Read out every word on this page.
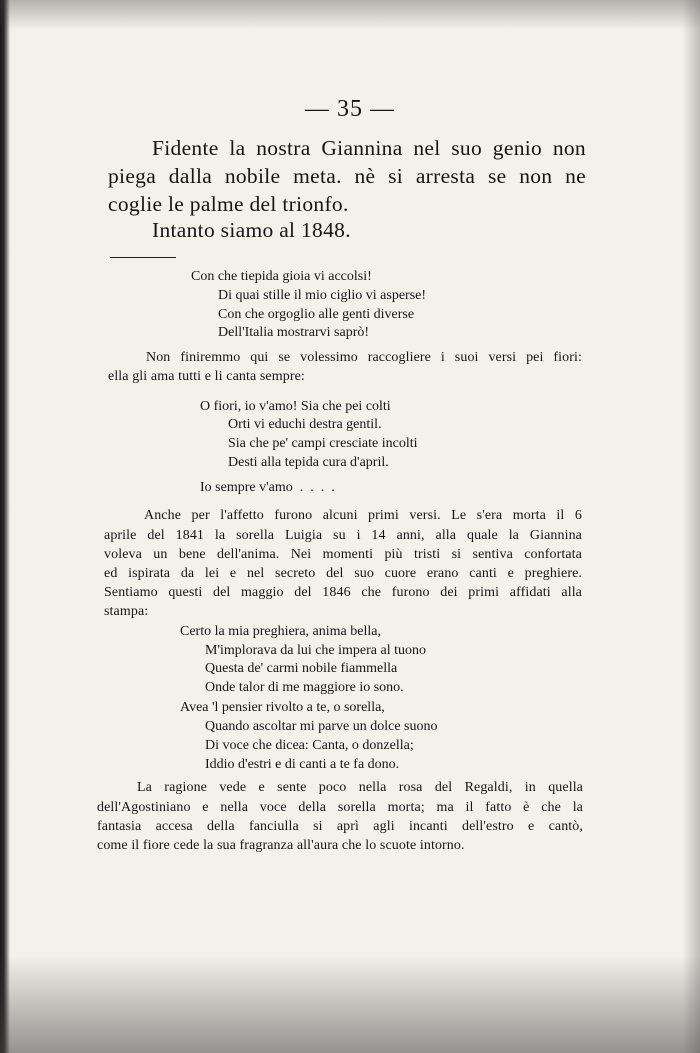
— 35 —
Fidente la nostra Giannina nel suo genio non
piega dalla nobile meta. nè si arresta se non ne
coglie le palme del trionfo.
Intanto siamo al 1848.
Con che tiepida gioia vi accolsi!
Di quai stille il mio ciglio vi asperse!
Con che orgoglio alle genti diverse
Dell'Italia mostrarvi saprò!
Non finiremmo qui se volessimo raccogliere i suoi versi pei fiori:
ella gli ama tutti e li canta sempre:
O fiori, io v'amo! Sia che pei colti
Orti vi educhi destra gentil.
Sia che pe' campi cresciate incolti
Desti alla tepida cura d'april.
Io sempre v'amo  .  .  .  .
Anche per l'affetto furono alcuni primi versi. Le s'era morta il 6
aprile del 1841 la sorella Luigia su i 14 anni, alla quale la Giannina
voleva un bene dell'anima. Nei momenti più tristi si sentiva confortata
ed ispirata da lei e nel secreto del suo cuore erano canti e preghiere.
Sentiamo questi del maggio del 1846 che furono dei primi affidati alla
stampa:
Certo la mia preghiera, anima bella,
M'implorava da lui che impera al tuono
Questa de' carmi nobile fiammella
Onde talor di me maggiore io sono.
Avea 'l pensier rivolto a te, o sorella,
Quando ascoltar mi parve un dolce suono
Di voce che dicea: Canta, o donzella;
Iddio d'estri e di canti a te fa dono.
La ragione vede e sente poco nella rosa del Regaldi, in quella
dell'Agostiniano e nella voce della sorella morta; ma il fatto è che la
fantasia accesa della fanciulla si aprì agli incanti dell'estro e cantò,
come il fiore cede la sua fragranza all'aura che lo scuote intorno.
